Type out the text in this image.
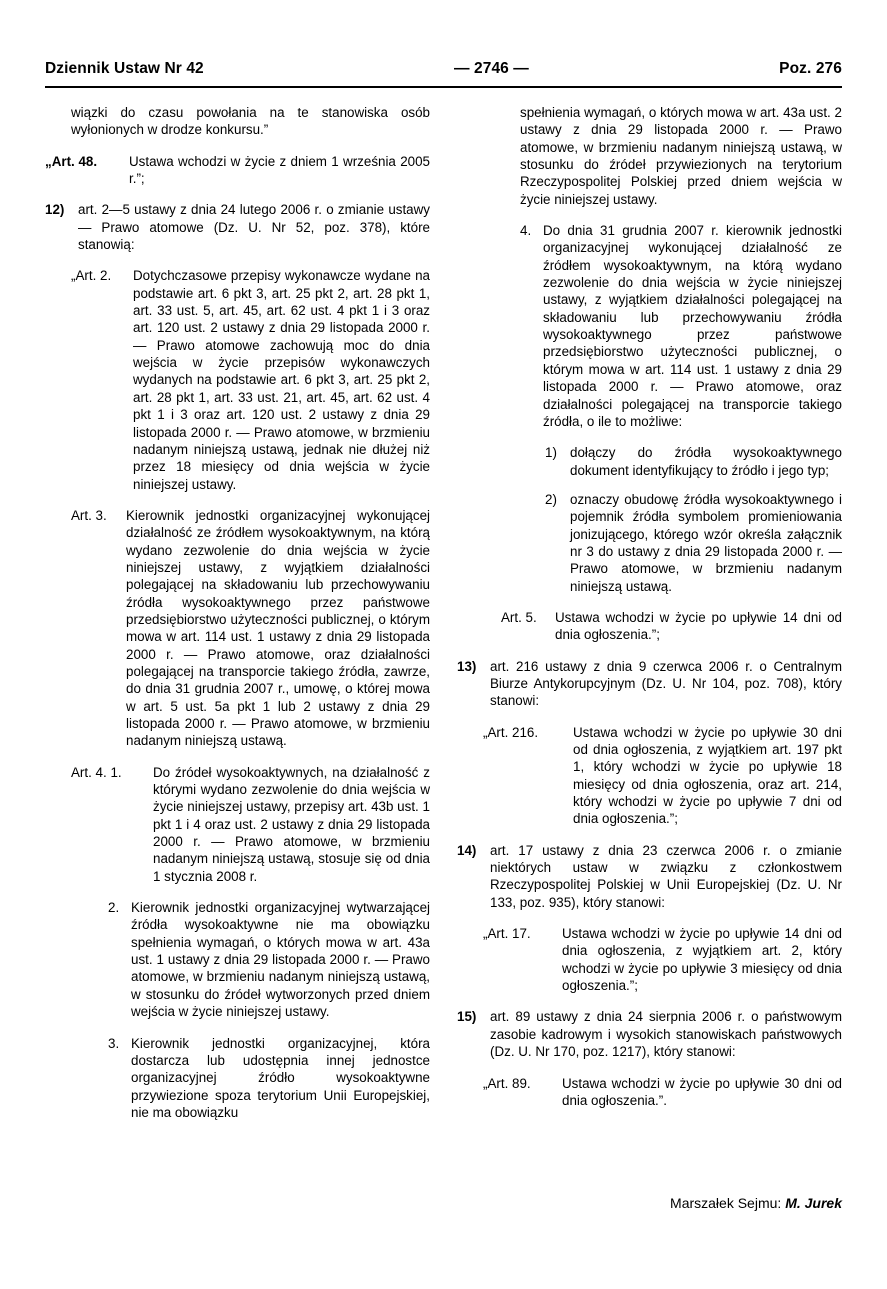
Dziennik Ustaw Nr 42	— 2746 —	Poz. 276
wiązki do czasu powołania na te stanowiska osób wyłonionych w drodze konkursu.”
„Art. 48.	Ustawa wchodzi w życie z dniem 1 września 2005 r.”;
12)	art. 2—5 ustawy z dnia 24 lutego 2006 r. o zmianie ustawy — Prawo atomowe (Dz. U. Nr 52, poz. 378), które stanowią:
„Art. 2.	Dotychczasowe przepisy wykonawcze wydane na podstawie art. 6 pkt 3, art. 25 pkt 2, art. 28 pkt 1, art. 33 ust. 5, art. 45, art. 62 ust. 4 pkt 1 i 3 oraz art. 120 ust. 2 ustawy z dnia 29 listopada 2000 r. — Prawo atomowe zachowują moc do dnia wejścia w życie przepisów wykonawczych wydanych na podstawie art. 6 pkt 3, art. 25 pkt 2, art. 28 pkt 1, art. 33 ust. 21, art. 45, art. 62 ust. 4 pkt 1 i 3 oraz art. 120 ust. 2 ustawy z dnia 29 listopada 2000 r. — Prawo atomowe, w brzmieniu nadanym niniejszą ustawą, jednak nie dłużej niż przez 18 miesięcy od dnia wejścia w życie niniejszej ustawy.
Art. 3.	Kierownik jednostki organizacyjnej wykonującej działalność ze źródłem wysokoaktywnym, na którą wydano zezwolenie do dnia wejścia w życie niniejszej ustawy, z wyjątkiem działalności polegającej na składowaniu lub przechowywaniu źródła wysokoaktywnego przez państwowe przedsiębiorstwo użyteczności publicznej, o którym mowa w art. 114 ust. 1 ustawy z dnia 29 listopada 2000 r. — Prawo atomowe, oraz działalności polegającej na transporcie takiego źródła, zawrze, do dnia 31 grudnia 2007 r., umowę, o której mowa w art. 5 ust. 5a pkt 1 lub 2 ustawy z dnia 29 listopada 2000 r. — Prawo atomowe, w brzmieniu nadanym niniejszą ustawą.
Art. 4. 1.	Do źródeł wysokoaktywnych, na działalność z którymi wydano zezwolenie do dnia wejścia w życie niniejszej ustawy, przepisy art. 43b ust. 1 pkt 1 i 4 oraz ust. 2 ustawy z dnia 29 listopada 2000 r. — Prawo atomowe, w brzmieniu nadanym niniejszą ustawą, stosuje się od dnia 1 stycznia 2008 r.
2. Kierownik jednostki organizacyjnej wytwarzającej źródła wysokoaktywne nie ma obowiązku spełnienia wymagań, o których mowa w art. 43a ust. 1 ustawy z dnia 29 listopada 2000 r. — Prawo atomowe, w brzmieniu nadanym niniejszą ustawą, w stosunku do źródeł wytworzonych przed dniem wejścia w życie niniejszej ustawy.
3. Kierownik jednostki organizacyjnej, która dostarcza lub udostępnia innej jednostce organizacyjnej źródło wysokoaktywne przywiezione spoza terytorium Unii Europejskiej, nie ma obowiązku
spełnienia wymagań, o których mowa w art. 43a ust. 2 ustawy z dnia 29 listopada 2000 r. — Prawo atomowe, w brzmieniu nadanym niniejszą ustawą, w stosunku do źródeł przywiezionych na terytorium Rzeczypospolitej Polskiej przed dniem wejścia w życie niniejszej ustawy.
4. Do dnia 31 grudnia 2007 r. kierownik jednostki organizacyjnej wykonującej działalność ze źródłem wysokoaktywnym, na którą wydano zezwolenie do dnia wejścia w życie niniejszej ustawy, z wyjątkiem działalności polegającej na składowaniu lub przechowywaniu źródła wysokoaktywnego przez państwowe przedsiębiorstwo użyteczności publicznej, o którym mowa w art. 114 ust. 1 ustawy z dnia 29 listopada 2000 r. — Prawo atomowe, oraz działalności polegającej na transporcie takiego źródła, o ile to możliwe:
1) dołączy do źródła wysokoaktywnego dokument identyfikujący to źródło i jego typ;
2) oznaczy obudowę źródła wysokoaktywnego i pojemnik źródła symbolem promieniowania jonizującego, którego wzór określa załącznik nr 3 do ustawy z dnia 29 listopada 2000 r. — Prawo atomowe, w brzmieniu nadanym niniejszą ustawą.
Art. 5.	Ustawa wchodzi w życie po upływie 14 dni od dnia ogłoszenia.”;
13)	art. 216 ustawy z dnia 9 czerwca 2006 r. o Centralnym Biurze Antykorupcyjnym (Dz. U. Nr 104, poz. 708), który stanowi:
„Art. 216.	Ustawa wchodzi w życie po upływie 30 dni od dnia ogłoszenia, z wyjątkiem art. 197 pkt 1, który wchodzi w życie po upływie 18 miesięcy od dnia ogłoszenia, oraz art. 214, który wchodzi w życie po upływie 7 dni od dnia ogłoszenia.”;
14)	art. 17 ustawy z dnia 23 czerwca 2006 r. o zmianie niektórych ustaw w związku z członkostwem Rzeczypospolitej Polskiej w Unii Europejskiej (Dz. U. Nr 133, poz. 935), który stanowi:
„Art. 17.	Ustawa wchodzi w życie po upływie 14 dni od dnia ogłoszenia, z wyjątkiem art. 2, który wchodzi w życie po upływie 3 miesięcy od dnia ogłoszenia.”;
15)	art. 89 ustawy z dnia 24 sierpnia 2006 r. o państwowym zasobie kadrowym i wysokich stanowiskach państwowych (Dz. U. Nr 170, poz. 1217), który stanowi:
„Art. 89.	Ustawa wchodzi w życie po upływie 30 dni od dnia ogłoszenia.”.

Marszałek Sejmu: M. Jurek
